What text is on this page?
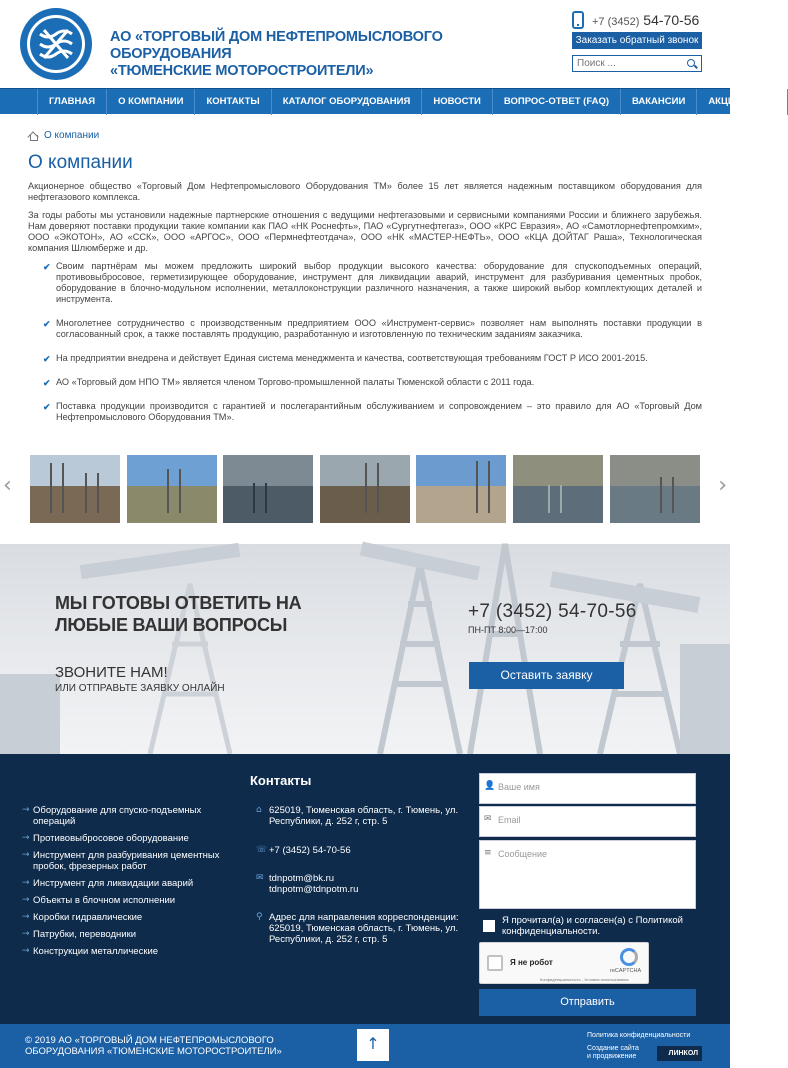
АО «ТОРГОВЫЙ ДОМ НЕФТЕПРОМЫСЛОВОГО ОБОРУДОВАНИЯ
«ТЮМЕНСКИЕ МОТОРОСТРОИТЕЛИ»
+7 (3452) 54-70-56
Заказать обратный звонок
Поиск ...
ГЛАВНАЯ	О КОМПАНИИ	КОНТАКТЫ	КАТАЛОГ ОБОРУДОВАНИЯ	НОВОСТИ	ВОПРОС-ОТВЕТ (FAQ)	ВАКАНСИИ	АКЦИОНЕРАМ
О компании
О компании

Акционерное общество «Торговый Дом Нефтепромыслового Оборудования ТМ» более 15 лет является надежным поставщиком оборудования для нефтегазового комплекса.

За годы работы мы установили надежные партнерские отношения с ведущими нефтегазовыми и сервисными компаниями России и ближнего зарубежья. Нам доверяют поставки продукции такие компании как ПАО «НК Роснефть», ПАО «Сургутнефтегаз», ООО «КРС Евразия», АО «Самотлорнефтепромхим», ООО «ЭКОТОН», АО «ССК», ООО «АРГОС», ООО «Пермнефтеотдача», ООО «НК «МАСТЕР-НЕФТЬ», ООО «КЦА ДОЙТАГ Раша», Технологическая компания Шлюмберже и др.

✔ Своим партнёрам мы можем предложить широкий выбор продукции высокого качества: оборудование для спускоподъемных операций, противовыбросовое, герметизирующее оборудование, инструмент для ликвидации аварий, инструмент для разбуривания цементных пробок, оборудование в блочно-модульном исполнении, металлоконструкции различного назначения, а также широкий выбор комплектующих деталей и инструмента.
✔ Многолетнее сотрудничество с производственным предприятием ООО «Инструмент-сервис» позволяет нам выполнять поставки продукции в согласованный срок, а также поставлять продукцию, разработанную и изготовленную по техническим заданиям заказчика.
✔ На предприятии внедрена и действует Единая система менеджмента и качества, соответствующая требованиям ГОСТ Р ИСО 2001-2015.
✔ АО «Торговый дом НПО ТМ» является членом Торгово-промышленной палаты Тюменской области с 2011 года.
✔ Поставка продукции производится с гарантией и послегарантийным обслуживанием и сопровождением – это правило для АО «Торговый Дом Нефтепромыслового Оборудования ТМ».
‹	›
МЫ ГОТОВЫ ОТВЕТИТЬ НА
ЛЮБЫЕ ВАШИ ВОПРОСЫ
ЗВОНИТЕ НАМ!
ИЛИ ОТПРАВЬТЕ ЗАЯВКУ ОНЛАЙН
+7 (3452) 54-70-56
ПН-ПТ 8:00—17:00
Оставить заявку
Контакты
→ Оборудование для спуско-подъемных операций
→ Противовыбросовое оборудование
→ Инструмент для разбуривания цементных пробок, фрезерных работ
→ Инструмент для ликвидации аварий
→ Объекты в блочном исполнении
→ Коробки гидравлические
→ Патрубки, переводники
→ Конструкции металлические
⌂ 625019, Тюменская область, г. Тюмень, ул. Республики, д. 252 г, стр. 5
☏ +7 (3452) 54-70-56
✉ tdnpotm@bk.ru
tdnpotm@tdnpotm.ru
⚲ Адрес для направления корреспонденции: 625019, Тюменская область, г. Тюмень, ул. Республики, д. 252 г, стр. 5
👤 Ваше имя
✉ Email
≡ Сообщение
Я прочитал(а) и согласен(а) с Политикой конфиденциальности.
Я не робот
reCAPTCHA
Конфиденциальность - Условия использования
Отправить
© 2019 АО «ТОРГОВЫЙ ДОМ НЕФТЕПРОМЫСЛОВОГО ОБОРУДОВАНИЯ «ТЮМЕНСКИЕ МОТОРОСТРОИТЕЛИ»	↑	Политика конфиденциальности
Создание сайта
и продвижение	ЛИНКОЛ
